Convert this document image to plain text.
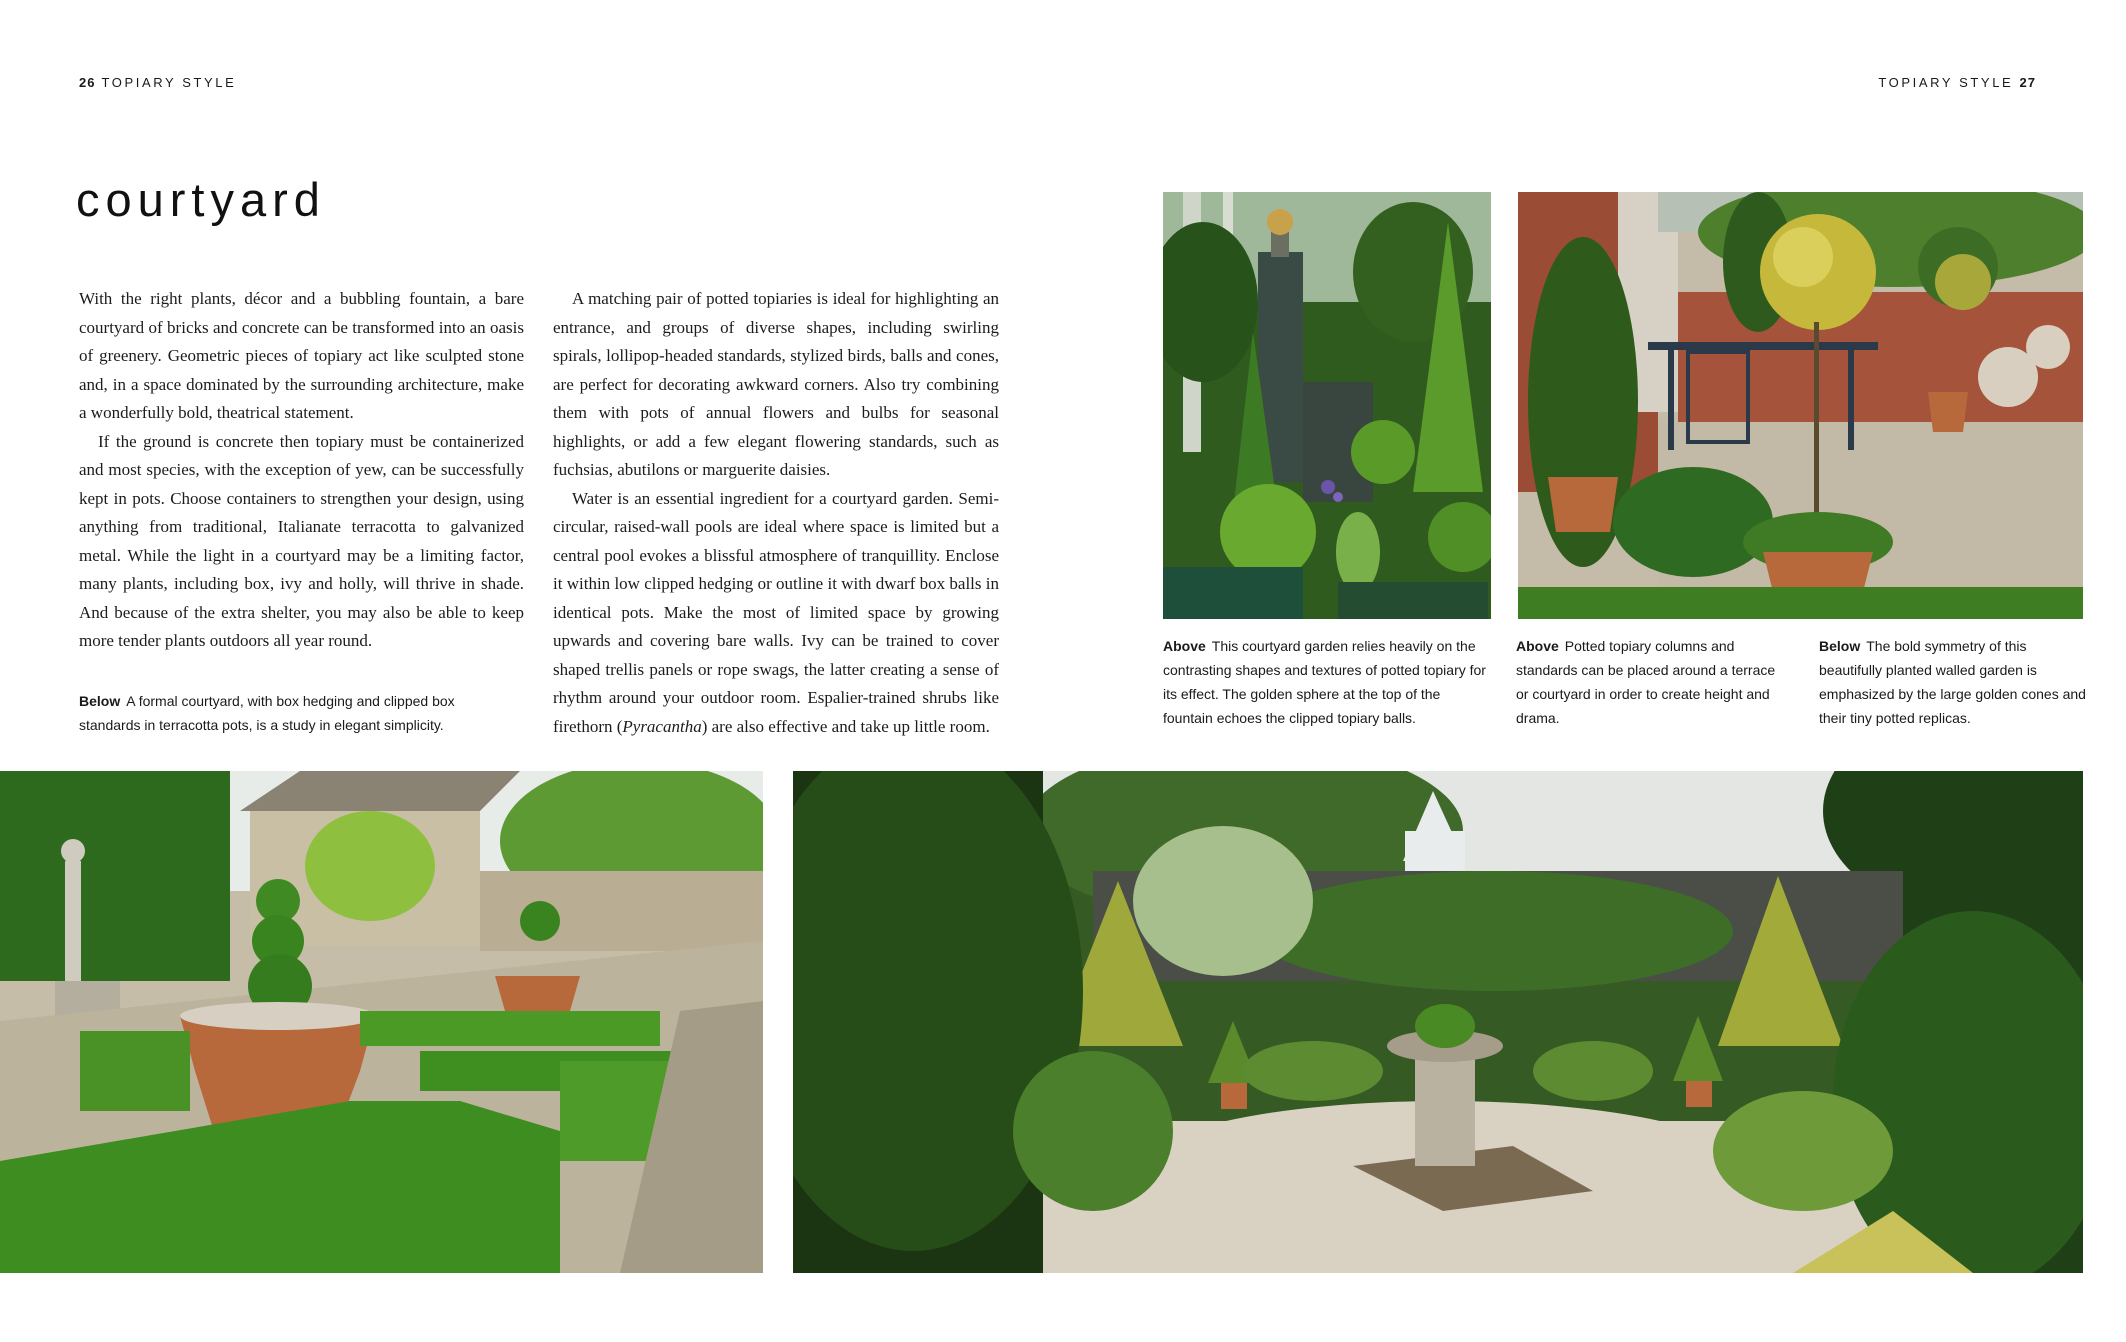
26 TOPIARY STYLE	TOPIARY STYLE 27
courtyard

With the right plants, décor and a bubbling fountain, a bare courtyard of bricks and concrete can be transformed into an oasis of greenery. Geometric pieces of topiary act like sculpted stone and, in a space dominated by the surrounding architecture, make a wonderfully bold, theatrical statement.

If the ground is concrete then topiary must be containerized and most species, with the exception of yew, can be successfully kept in pots. Choose containers to strengthen your design, using anything from traditional, Italianate terracotta to galvanized metal. While the light in a courtyard may be a limiting factor, many plants, including box, ivy and holly, will thrive in shade. And because of the extra shelter, you may also be able to keep more tender plants outdoors all year round.

A matching pair of potted topiaries is ideal for highlighting an entrance, and groups of diverse shapes, including swirling spirals, lollipop-headed standards, stylized birds, balls and cones, are perfect for decorating awkward corners. Also try combining them with pots of annual flowers and bulbs for seasonal highlights, or add a few elegant flowering standards, such as fuchsias, abutilons or marguerite daisies.

Water is an essential ingredient for a courtyard garden. Semi-circular, raised-wall pools are ideal where space is limited but a central pool evokes a blissful atmosphere of tranquillity. Enclose it within low clipped hedging or outline it with dwarf box balls in identical pots. Make the most of limited space by growing upwards and covering bare walls. Ivy can be trained to cover shaped trellis panels or rope swags, the latter creating a sense of rhythm around your outdoor room. Espalier-trained shrubs like firethorn (Pyracantha) are also effective and take up little room.

Below A formal courtyard, with box hedging and clipped box standards in terracotta pots, is a study in elegant simplicity.
Above This courtyard garden relies heavily on the contrasting shapes and textures of potted topiary for its effect. The golden sphere at the top of the fountain echoes the clipped topiary balls.
Above Potted topiary columns and standards can be placed around a terrace or courtyard in order to create height and drama.
Below The bold symmetry of this beautifully planted walled garden is emphasized by the large golden cones and their tiny potted replicas.
